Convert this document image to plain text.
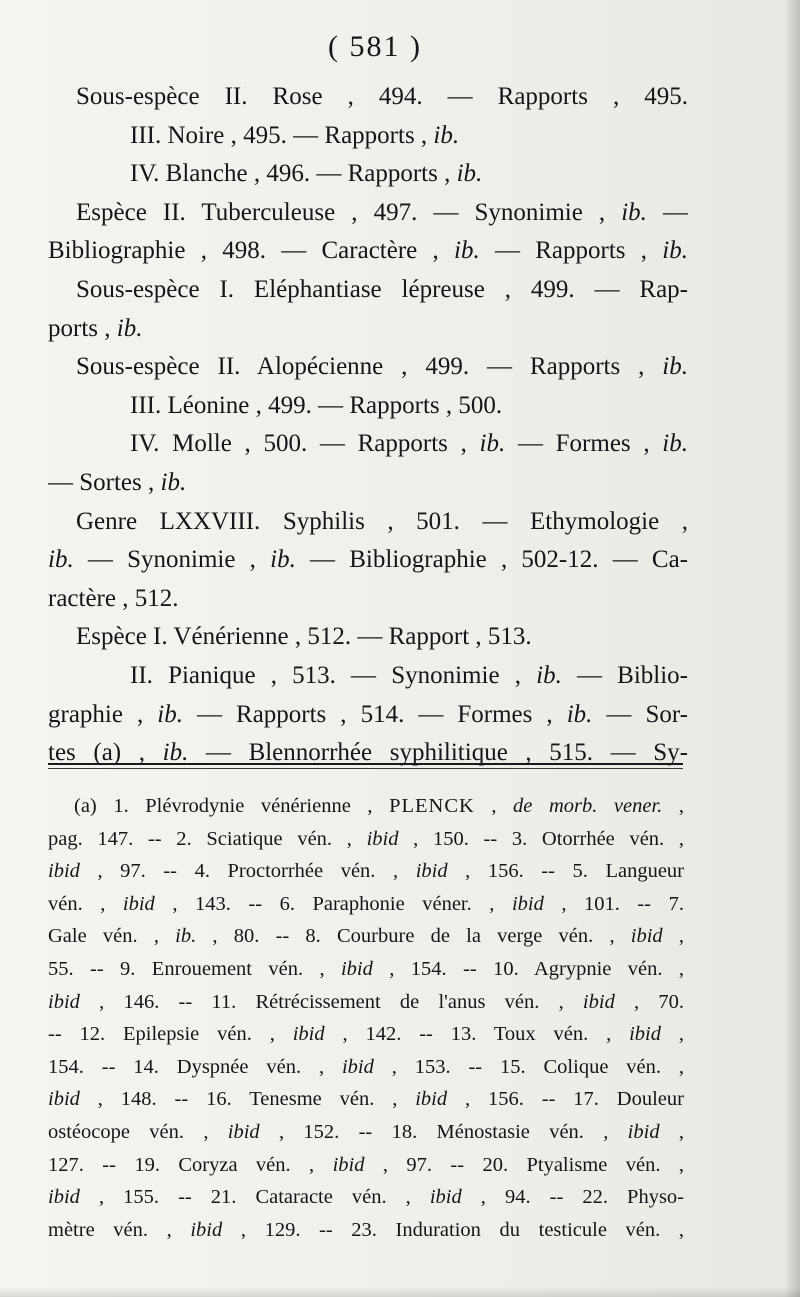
( 581 )
Sous-espèce II. Rose , 494. — Rapports , 495.
III. Noire , 495. — Rapports , ib.
IV. Blanche , 496. — Rapports , ib.
Espèce II. Tuberculeuse , 497. — Synonimie , ib. —
Bibliographie , 498. — Caractère , ib. — Rapports , ib.
Sous-espèce I. Eléphantiase lépreuse , 499. — Rap-
ports , ib.
Sous-espèce II. Alopécienne , 499. — Rapports , ib.
III. Léonine , 499. — Rapports , 500.
IV. Molle , 500. — Rapports , ib. — Formes , ib.
— Sortes , ib.
Genre LXXVIII. Syphilis , 501. — Ethymologie ,
ib. — Synonimie , ib. — Bibliographie , 502-12. — Ca-
ractère , 512.
Espèce I. Vénérienne , 512. — Rapport , 513.
II. Pianique , 513. — Synonimie , ib. — Biblio-
graphie , ib. — Rapports , 514. — Formes , ib. — Sor-
tes (a) , ib. — Blennorrhée syphilitique , 515. — Sy-
(a) 1. Plévrodynie vénérienne , PLENCK , de morb. vener. ,
pag. 147. -- 2. Sciatique vén. , ibid , 150. -- 3. Otorrhée vén. ,
ibid , 97. -- 4. Proctorrhée vén. , ibid , 156. -- 5. Langueur
vén. , ibid , 143. -- 6. Paraphonie véner. , ibid , 101. -- 7.
Gale vén. , ib. , 80. -- 8. Courbure de la verge vén. , ibid ,
55. -- 9. Enrouement vén. , ibid , 154. -- 10. Agrypnie vén. ,
ibid , 146. -- 11. Rétrécissement de l'anus vén. , ibid , 70.
-- 12. Epilepsie vén. , ibid , 142. -- 13. Toux vén. , ibid ,
154. -- 14. Dyspnée vén. , ibid , 153. -- 15. Colique vén. ,
ibid , 148. -- 16. Tenesme vén. , ibid , 156. -- 17. Douleur
ostéocope vén. , ibid , 152. -- 18. Ménostasie vén. , ibid ,
127. -- 19. Coryza vén. , ibid , 97. -- 20. Ptyalisme vén. ,
ibid , 155. -- 21. Cataracte vén. , ibid , 94. -- 22. Physo-
mètre vén. , ibid , 129. -- 23. Induration du testicule vén. ,
